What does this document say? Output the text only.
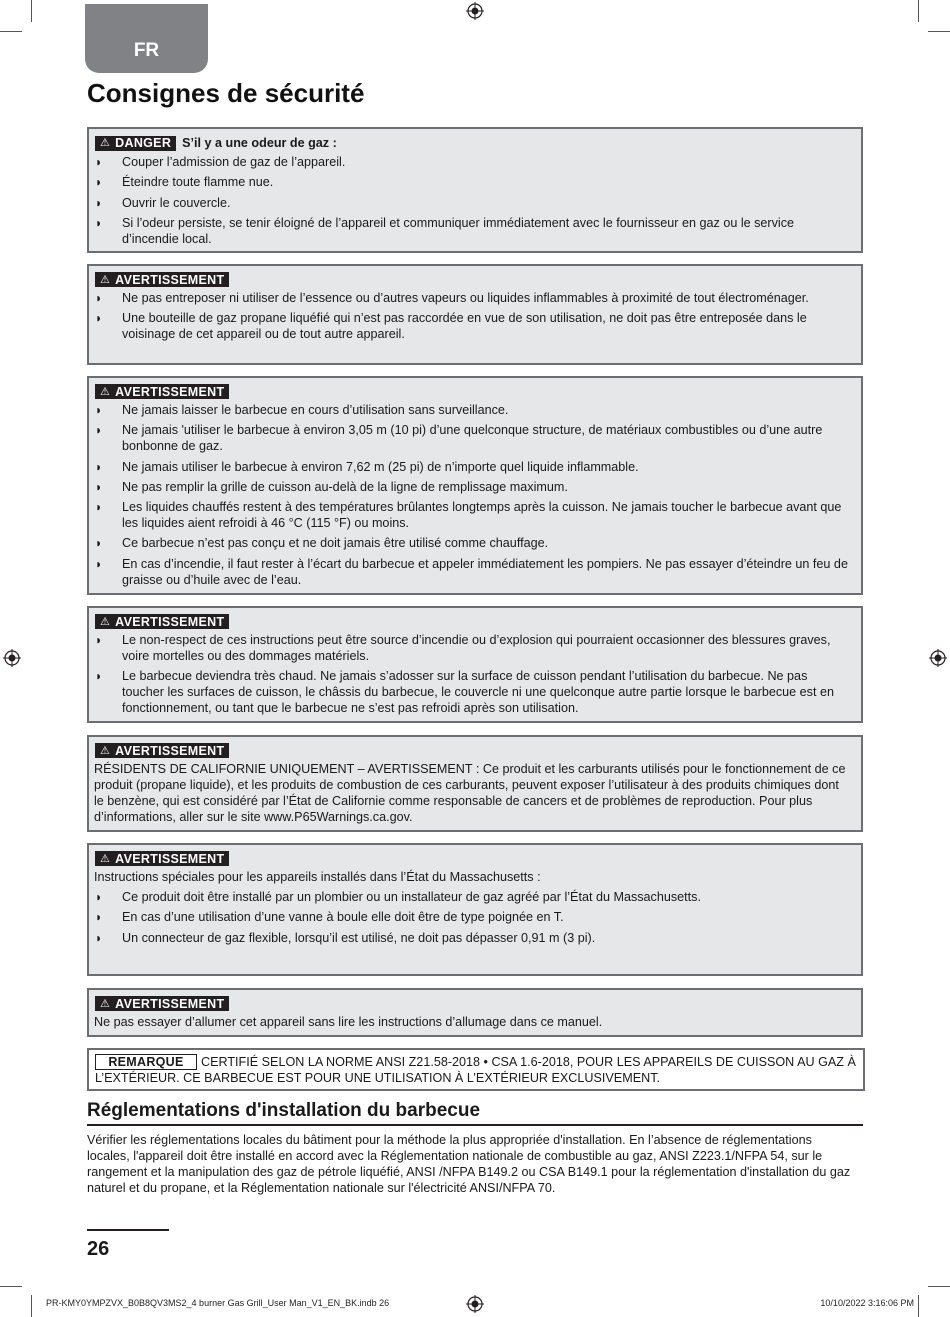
FR
Consignes de sécurité
⚠ DANGER S’il y a une odeur de gaz :
◗ Couper l’admission de gaz de l’appareil.
◗ Éteindre toute flamme nue.
◗ Ouvrir le couvercle.
◗ Si l’odeur persiste, se tenir éloigné de l’appareil et communiquer immédiatement avec le fournisseur en gaz ou le service d’incendie local.
⚠ AVERTISSEMENT
◗ Ne pas entreposer ni utiliser de l’essence ou d’autres vapeurs ou liquides inflammables à proximité de tout électroménager.
◗ Une bouteille de gaz propane liquéfié qui n’est pas raccordée en vue de son utilisation, ne doit pas être entreposée dans le voisinage de cet appareil ou de tout autre appareil.
⚠ AVERTISSEMENT
◗ Ne jamais laisser le barbecue en cours d’utilisation sans surveillance.
◗ Ne jamais 'utiliser le barbecue à environ 3,05 m (10 pi) d’une quelconque structure, de matériaux combustibles ou d’une autre bonbonne de gaz.
◗ Ne jamais utiliser le barbecue à environ 7,62 m (25 pi) de n’importe quel liquide inflammable.
◗ Ne pas remplir la grille de cuisson au-delà de la ligne de remplissage maximum.
◗ Les liquides chauffés restent à des températures brûlantes longtemps après la cuisson. Ne jamais toucher le barbecue avant que les liquides aient refroidi à 46 °C (115 °F) ou moins.
◗ Ce barbecue n’est pas conçu et ne doit jamais être utilisé comme chauffage.
◗ En cas d’incendie, il faut rester à l’écart du barbecue et appeler immédiatement les pompiers. Ne pas essayer d’éteindre un feu de graisse ou d’huile avec de l’eau.
⚠ AVERTISSEMENT
◗ Le non-respect de ces instructions peut être source d’incendie ou d’explosion qui pourraient occasionner des blessures graves, voire mortelles ou des dommages matériels.
◗ Le barbecue deviendra très chaud. Ne jamais s’adosser sur la surface de cuisson pendant l’utilisation du barbecue. Ne pas toucher les surfaces de cuisson, le châssis du barbecue, le couvercle ni une quelconque autre partie lorsque le barbecue est en fonctionnement, ou tant que le barbecue ne s’est pas refroidi après son utilisation.
⚠ AVERTISSEMENT

RÉSIDENTS DE CALIFORNIE UNIQUEMENT – AVERTISSEMENT : Ce produit et les carburants utilisés pour le fonctionnement de ce produit (propane liquide), et les produits de combustion de ces carburants, peuvent exposer l’utilisateur à des produits chimiques dont le benzène, qui est considéré par l’État de Californie comme responsable de cancers et de problèmes de reproduction. Pour plus d’informations, aller sur le site www.P65Warnings.ca.gov.

⚠ AVERTISSEMENT

Instructions spéciales pour les appareils installés dans l’État du Massachusetts :

◗ Ce produit doit être installé par un plombier ou un installateur de gaz agréé par l’État du Massachusetts.
◗ En cas d’une utilisation d’une vanne à boule elle doit être de type poignée en T.
◗ Un connecteur de gaz flexible, lorsqu’il est utilisé, ne doit pas dépasser 0,91 m (3 pi).
⚠ AVERTISSEMENT

Ne pas essayer d’allumer cet appareil sans lire les instructions d’allumage dans ce manuel.

REMARQUE CERTIFIÉ SELON LA NORME ANSI Z21.58-2018 • CSA 1.6-2018, POUR LES APPAREILS DE CUISSON AU GAZ À L’EXTÉRIEUR. CE BARBECUE EST POUR UNE UTILISATION À L’EXTÉRIEUR EXCLUSIVEMENT.
Réglementations d'installation du barbecue

Vérifier les réglementations locales du bâtiment pour la méthode la plus appropriée d'installation. En l’absence de réglementations locales, l'appareil doit être installé en accord avec la Réglementation nationale de combustible au gaz, ANSI Z223.1/NFPA 54, sur le rangement et la manipulation des gaz de pétrole liquéfié, ANSI /NFPA B149.2 ou CSA B149.1 pour la réglementation d'installation du gaz naturel et du propane, et la Réglementation nationale sur l'électricité ANSI/NFPA 70.

26
PR-KMY0YMPZVX_B0B8QV3MS2_4 burner Gas Grill_User Man_V1_EN_BK.indb 26	10/10/2022 3:16:06 PM
